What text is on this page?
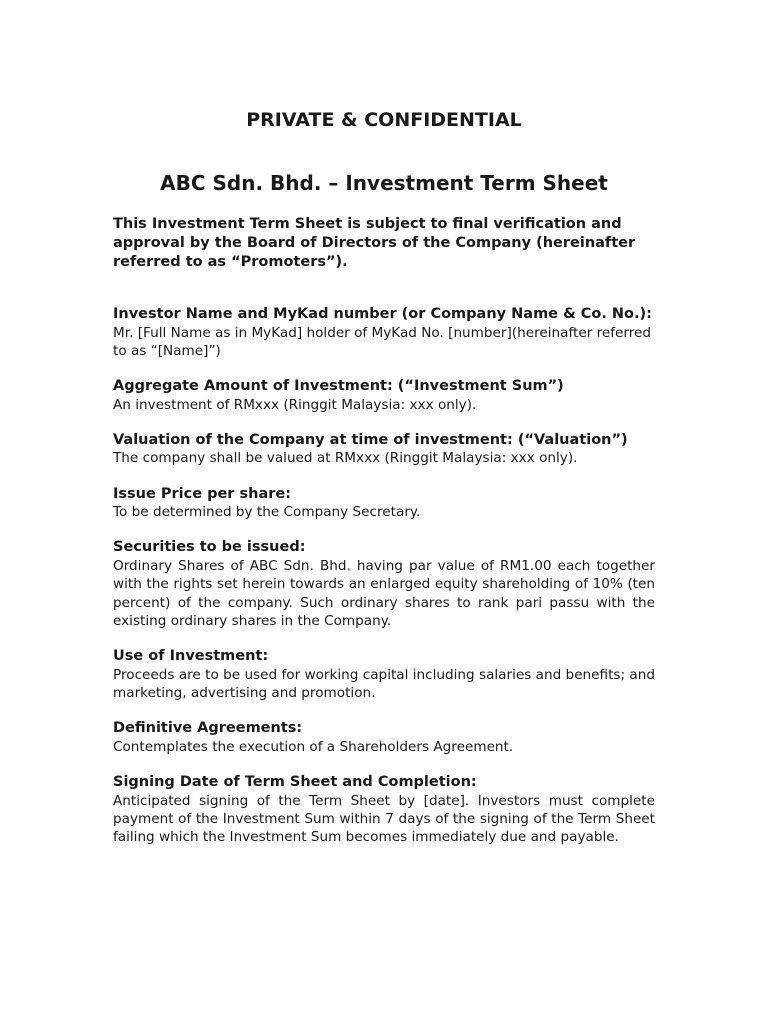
PRIVATE & CONFIDENTIAL
ABC Sdn. Bhd. – Investment Term Sheet

This Investment Term Sheet is subject to final verification and approval by the Board of Directors of the Company (hereinafter referred to as “Promoters”).

Investor Name and MyKad number (or Company Name & Co. No.):

Mr. [Full Name as in MyKad] holder of MyKad No. [number](hereinafter referred to as “[Name]”)

Aggregate Amount of Investment: (“Investment Sum”)

An investment of RMxxx (Ringgit Malaysia: xxx only).

Valuation of the Company at time of investment: (“Valuation”)

The company shall be valued at RMxxx (Ringgit Malaysia: xxx only).

Issue Price per share:

To be determined by the Company Secretary.

Securities to be issued:

Ordinary Shares of ABC Sdn. Bhd. having par value of RM1.00 each together with the rights set herein towards an enlarged equity shareholding of 10% (ten percent) of the company. Such ordinary shares to rank pari passu with the existing ordinary shares in the Company.

Use of Investment:

Proceeds are to be used for working capital including salaries and benefits; and marketing, advertising and promotion.

Definitive Agreements:

Contemplates the execution of a Shareholders Agreement.

Signing Date of Term Sheet and Completion:

Anticipated signing of the Term Sheet by [date]. Investors must complete payment of the Investment Sum within 7 days of the signing of the Term Sheet failing which the Investment Sum becomes immediately due and payable.
